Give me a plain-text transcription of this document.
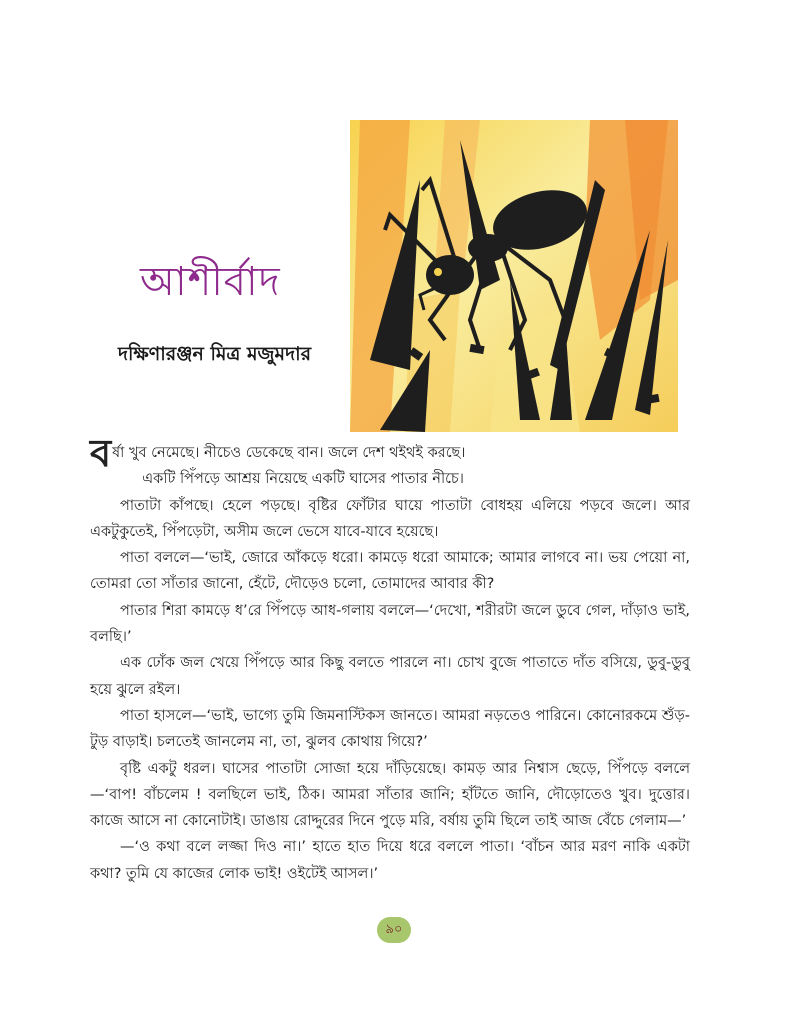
আশীর্বাদ
দক্ষিণারঞ্জন মিত্র মজুমদার

বর্ষা খুব নেমেছে। নীচেও ডেকেছে বান। জলে দেশ থইথই করছে।

একটি পিঁপড়ে আশ্রয় নিয়েছে একটি ঘাসের পাতার নীচে।

পাতাটা কাঁপছে। হেলে পড়ছে। বৃষ্টির ফোঁটার ঘায়ে পাতাটা বোধহয় এলিয়ে পড়বে জলে। আর একটুকুতেই, পিঁপড়েটা, অসীম জলে ভেসে যাবে-যাবে হয়েছে।

পাতা বললে—‘ভাই, জোরে আঁকড়ে ধরো। কামড়ে ধরো আমাকে; আমার লাগবে না। ভয় পেয়ো না, তোমরা তো সাঁতার জানো, হেঁটে, দৌড়েও চলো, তোমাদের আবার কী?

পাতার শিরা কামড়ে ধ’রে পিঁপড়ে আধ-গলায় বললে—‘দেখো, শরীরটা জলে ডুবে গেল, দাঁড়াও ভাই, বলছি।’

এক ঢোঁক জল খেয়ে পিঁপড়ে আর কিছু বলতে পারলে না। চোখ বুজে পাতাতে দাঁত বসিয়ে, ডুবু-ডুবু হয়ে ঝুলে রইল।

পাতা হাসলে—‘ভাই, ভাগ্যে তুমি জিমনাস্টিকস জানতে। আমরা নড়তেও পারিনে। কোনোরকমে শুঁড়-টুড় বাড়াই। চলতেই জানলেম না, তা, ঝুলব কোথায় গিয়ে?’

বৃষ্টি একটু ধরল। ঘাসের পাতাটা সোজা হয়ে দাঁড়িয়েছে। কামড় আর নিশ্বাস ছেড়ে, পিঁপড়ে বললে—‘বাপ! বাঁচলেম ! বলছিলে ভাই, ঠিক। আমরা সাঁতার জানি; হাঁটতে জানি, দৌড়োতেও খুব। দুত্তোর। কাজে আসে না কোনোটাই। ডাঙায় রোদ্দুরের দিনে পুড়ে মরি, বর্ষায় তুমি ছিলে তাই আজ বেঁচে গেলাম—’

—‘ও কথা বলে লজ্জা দিও না।’ হাতে হাত দিয়ে ধরে বললে পাতা। ‘বাঁচন আর মরণ নাকি একটা কথা? তুমি যে কাজের লোক ভাই! ওইটেই আসল।’

৯০
